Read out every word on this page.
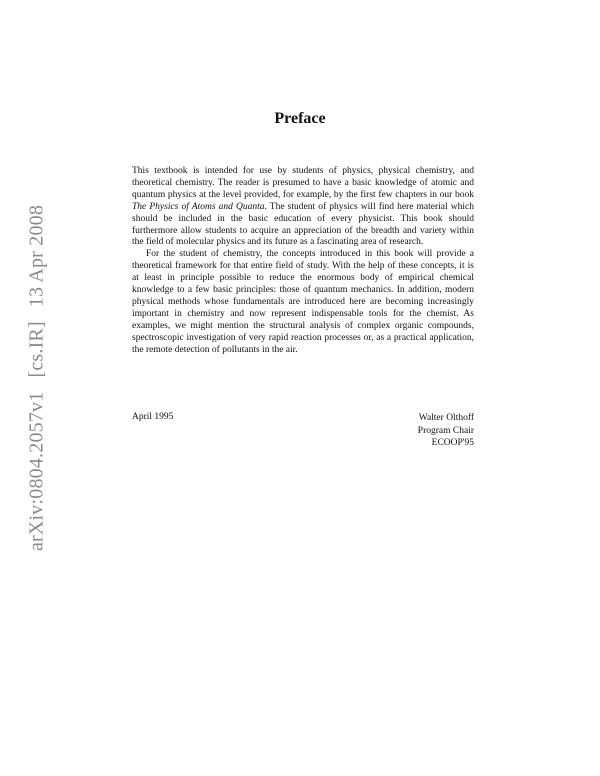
arXiv:0804.2057v1[cs.IR]13 Apr 2008
Preface

This textbook is intended for use by students of physics, physical chemistry, and theoretical chemistry. The reader is presumed to have a basic knowledge of atomic and quantum physics at the level provided, for example, by the first few chapters in our book The Physics of Atoms and Quanta. The student of physics will find here material which should be included in the basic education of every physicist. This book should furthermore allow students to acquire an appreciation of the breadth and variety within the field of molecular physics and its future as a fascinating area of research.

For the student of chemistry, the concepts introduced in this book will provide a theoretical framework for that entire field of study. With the help of these concepts, it is at least in principle possible to reduce the enormous body of empirical chemical knowledge to a few basic principles: those of quantum mechanics. In addition, modern physical methods whose fundamentals are introduced here are becoming increasingly important in chemistry and now represent indispensable tools for the chemist. As examples, we might mention the structural analysis of complex organic compounds, spectroscopic investigation of very rapid reaction processes or, as a practical application, the remote detection of pollutants in the air.

April 1995	Walter Olthoff
Program Chair
ECOOP'95
